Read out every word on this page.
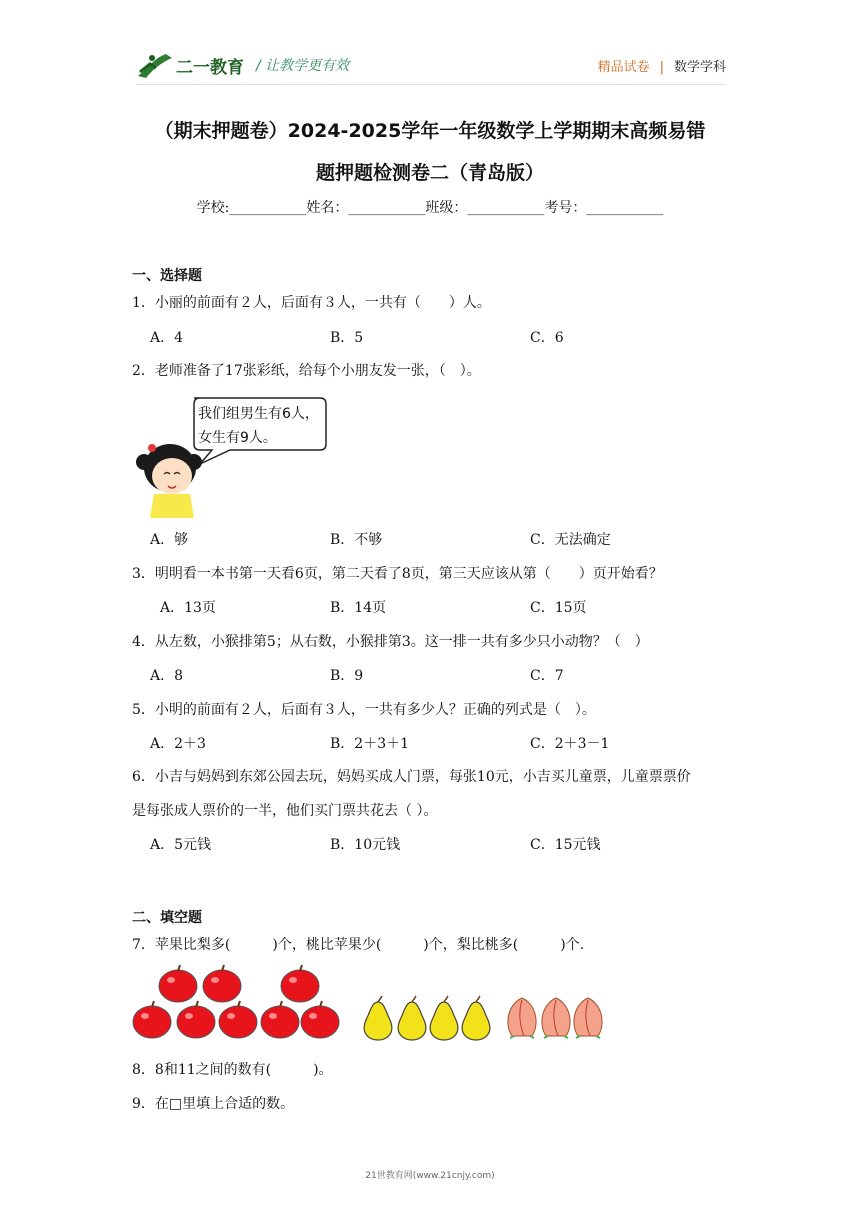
二一教育 / 让教学更有效	精品试卷 | 数学学科
（期末押题卷）2024-2025学年一年级数学上学期期末高频易错
题押题检测卷二（青岛版）
学校:___________姓名：___________班级：___________考号：___________
一、选择题
1．小丽的前面有２人，后面有３人，一共有（　　）人。
A．4	B．5	C．6
2．老师准备了17张彩纸，给每个小朋友发一张，（　）。
我们组男生有6人，
女生有9人。
A．够	B．不够	C．无法确定
3．明明看一本书第一天看6页，第二天看了8页，第三天应该从第（　　）页开始看？
A．13页	B．14页	C．15页
4．从左数，小猴排第5；从右数，小猴排第3。这一排一共有多少只小动物？（　）
A．8	B．9	C．7
5．小明的前面有２人，后面有３人，一共有多少人？正确的列式是（　）。
A．2＋3	B．2＋3＋1	C．2＋3－1
6．小吉与妈妈到东郊公园去玩，妈妈买成人门票，每张10元，小吉买儿童票，儿童票票价
是每张成人票价的一半，他们买门票共花去（ ）。
A．5元钱	B．10元钱	C．15元钱
二、填空题
7．苹果比梨多(　　　)个，桃比苹果少(　　　)个，梨比桃多(　　　)个.
8．8和11之间的数有(　　　)。
9．在□里填上合适的数。
21世教育网(www.21cnjy.com)
